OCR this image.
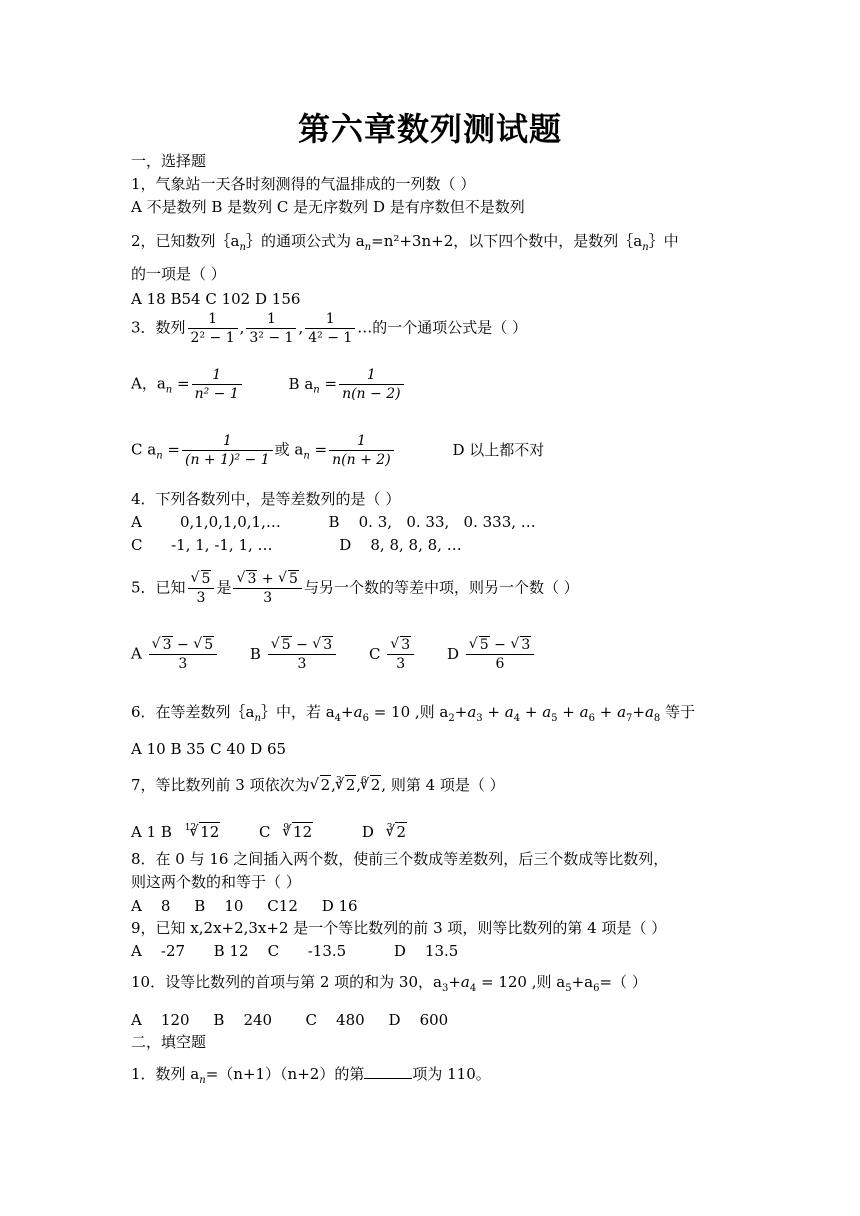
第六章数列测试题
一，选择题
1，气象站一天各时刻测得的气温排成的一列数（ ）
A 不是数列 B 是数列 C 是无序数列 D 是有序数但不是数列
2，已知数列$\{a_n\}$的通项公式为 $a_n=n^2+3n+2$，以下四个数中，是数列$\{a_n\}$中
的一项是（ ）
A 18 B54 C 102 D 156
3．数列 $\frac{1}{\text{2² − 1}}$ , $\frac{1}{\text{3² − 1}}$ , $\frac{1}{\text{4² − 1}}$ …的一个通项公式是（ ）
A，$a_n = \frac{1}{\text{n² − 1}}$	B $a_n = \frac{1}{n(n - 2)}$
C $a_n = \frac{1}{\text{(n + 1)² − 1}}$ 或 $a_n = \frac{1}{n(n + 2)}$	D 以上都不对
4．下列各数列中，是等差数列的是（ ）
A        0,1,0,1,0,1,…          B    0. 3,   0. 33,   0. 333, …
C      -1, 1, -1, 1, …              D    8, 8, 8, 8, …
5．已知 √ $\frac{5}{3}$ 是 √ $\frac{3 + √ 5}{3}$ 与另一个数的等差中项，则另一个数（ ）
A √ $\frac{3 - √ 5}{3}$ B √ $\frac{5 - √ 3}{3}$ C √ $\frac{3}{3}$ D √ $\frac{5 - √ 3}{6}$
6．在等差数列$\{a_n\}$中，若 $a_4+a_6 = 10$ ,则 $a_2+a_3 + a_4 + a_5 + a_6 + a_7+a_8$ 等于
A 10 B 35 C 40 D 65
7，等比数列前 3 项依次为 √ 2,$^3$ √ 2,$^6$ √ 2, 则第 4 项是（ ）
A 1 B $^{12}$ √ 12	C $^9$ √ 12	D $^3$ √ 2
8．在 0 与 16 之间插入两个数，使前三个数成等差数列，后三个数成等比数列，
则这两个数的和等于（ ）
A    8     B    10     C12     D 16
9，已知 x,2x+2,3x+2 是一个等比数列的前 3 项，则等比数列的第 4 项是（ ）
A    -27      B 12    C      -13.5          D    13.5
10．设等比数列的首项与第 2 项的和为 30，$a_3+a_4 = 120$ ,则 $a_5+a_6=$（ ）
A    120     B    240       C    480     D    600
二，填空题
1．数列 $a_n=(n+1)(n+2)$的第	项为 110。
